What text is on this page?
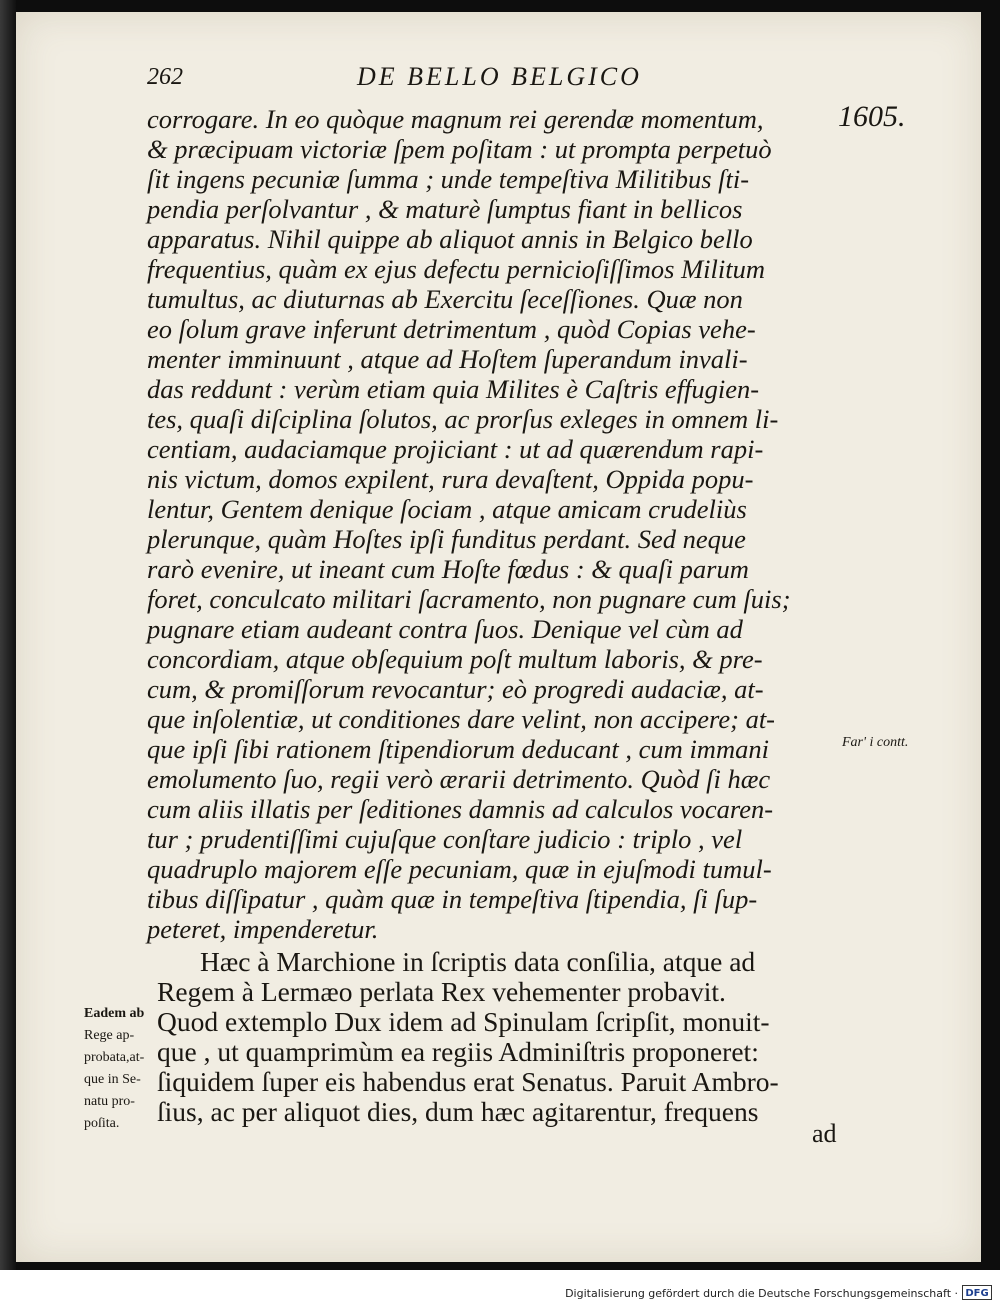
262	DE BELLO BELGICO
1605.
corrogare. In eo quòque magnum rei gerendæ momentum,
& præcipuam victoriæ ſpem poſitam : ut prompta perpetuò
ſit ingens pecuniæ ſumma ; unde tempeſtiva Militibus ſti-
pendia perſolvantur , & maturè ſumptus fiant in bellicos
apparatus. Nihil quippe ab aliquot annis in Belgico bello
frequentius, quàm ex ejus defectu pernicioſiſſimos Militum
tumultus, ac diuturnas ab Exercitu ſeceſſiones. Quæ non
eo ſolum grave inferunt detrimentum , quòd Copias vehe-
menter imminuunt , atque ad Hoſtem ſuperandum invali-
das reddunt : verùm etiam quia Milites è Caſtris effugien-
tes, quaſi diſciplina ſolutos, ac prorſus exleges in omnem li-
centiam, audaciamque projiciant : ut ad quærendum rapi-
nis victum, domos expilent, rura devaſtent, Oppida popu-
lentur, Gentem denique ſociam , atque amicam crudeliùs
plerunque, quàm Hoſtes ipſi funditus perdant. Sed neque
rarò evenire, ut ineant cum Hoſte fœdus : & quaſi parum
foret, conculcato militari ſacramento, non pugnare cum ſuis;
pugnare etiam audeant contra ſuos. Denique vel cùm ad
concordiam, atque obſequium poſt multum laboris, & pre-
cum, & promiſſorum revocantur; eò progredi audaciæ, at-
que inſolentiæ, ut conditiones dare velint, non accipere; at-
que ipſi ſibi rationem ſtipendiorum deducant , cum immani
emolumento ſuo, regii verò ærarii detrimento. Quòd ſi hæc
cum aliis illatis per ſeditiones damnis ad calculos vocaren-
tur ; prudentiſſimi cujuſque conſtare judicio : triplo , vel
quadruplo majorem eſſe pecuniam, quæ in ejuſmodi tumul-
tibus diſſipatur , quàm quæ in tempeſtiva ſtipendia, ſi ſup-
peteret, impenderetur.
Hæc à Marchione in ſcriptis data conſilia, atque ad
Regem à Lermæo perlata Rex vehementer probavit.
Quod extemplo Dux idem ad Spinulam ſcripſit, monuit-
que , ut quamprimùm ea regiis Adminiſtris proponeret:
ſiquidem ſuper eis habendus erat Senatus. Paruit Ambro-
ſius, ac per aliquot dies, dum hæc agitarentur, frequens
ad
Far' i contt.
Eadem ab
Rege ap-
probata,at-
que in Se-
natu pro-
poſita.
Digitalisierung gefördert durch die Deutsche Forschungsgemeinschaft · DFG
